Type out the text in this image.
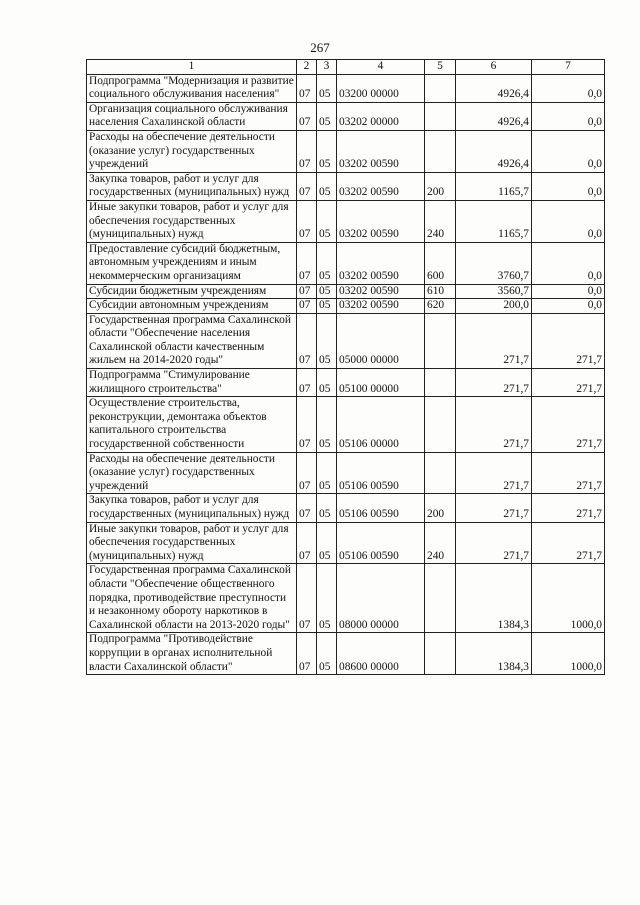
267
1	2	3	4	5	6	7
Подпрограмма "Модернизация и развитие социального обслуживания населения"	07	05	03200 00000		4926,4	0,0
Организация социального обслуживания населения Сахалинской области	07	05	03202 00000		4926,4	0,0
Расходы на обеспечение деятельности (оказание услуг) государственных учреждений	07	05	03202 00590		4926,4	0,0
Закупка товаров, работ и услуг для государственных (муниципальных) нужд	07	05	03202 00590	200	1165,7	0,0
Иные закупки товаров, работ и услуг для обеспечения государственных (муниципальных) нужд	07	05	03202 00590	240	1165,7	0,0
Предоставление субсидий бюджетным, автономным учреждениям и иным некоммерческим организациям	07	05	03202 00590	600	3760,7	0,0
Субсидии бюджетным учреждениям	07	05	03202 00590	610	3560,7	0,0
Субсидии автономным учреждениям	07	05	03202 00590	620	200,0	0,0
Государственная программа Сахалинской области "Обеспечение населения Сахалинской области качественным жильем на 2014-2020 годы"	07	05	05000 00000		271,7	271,7
Подпрограмма "Стимулирование жилищного строительства"	07	05	05100 00000		271,7	271,7
Осуществление строительства, реконструкции, демонтажа объектов капитального строительства государственной собственности	07	05	05106 00000		271,7	271,7
Расходы на обеспечение деятельности (оказание услуг) государственных учреждений	07	05	05106 00590		271,7	271,7
Закупка товаров, работ и услуг для государственных (муниципальных) нужд	07	05	05106 00590	200	271,7	271,7
Иные закупки товаров, работ и услуг для обеспечения государственных (муниципальных) нужд	07	05	05106 00590	240	271,7	271,7
Государственная программа Сахалинской области "Обеспечение общественного порядка, противодействие преступности и незаконному обороту наркотиков в Сахалинской области на 2013-2020 годы"	07	05	08000 00000		1384,3	1000,0
Подпрограмма "Противодействие коррупции в органах исполнительной власти Сахалинской области"	07	05	08600 00000		1384,3	1000,0
